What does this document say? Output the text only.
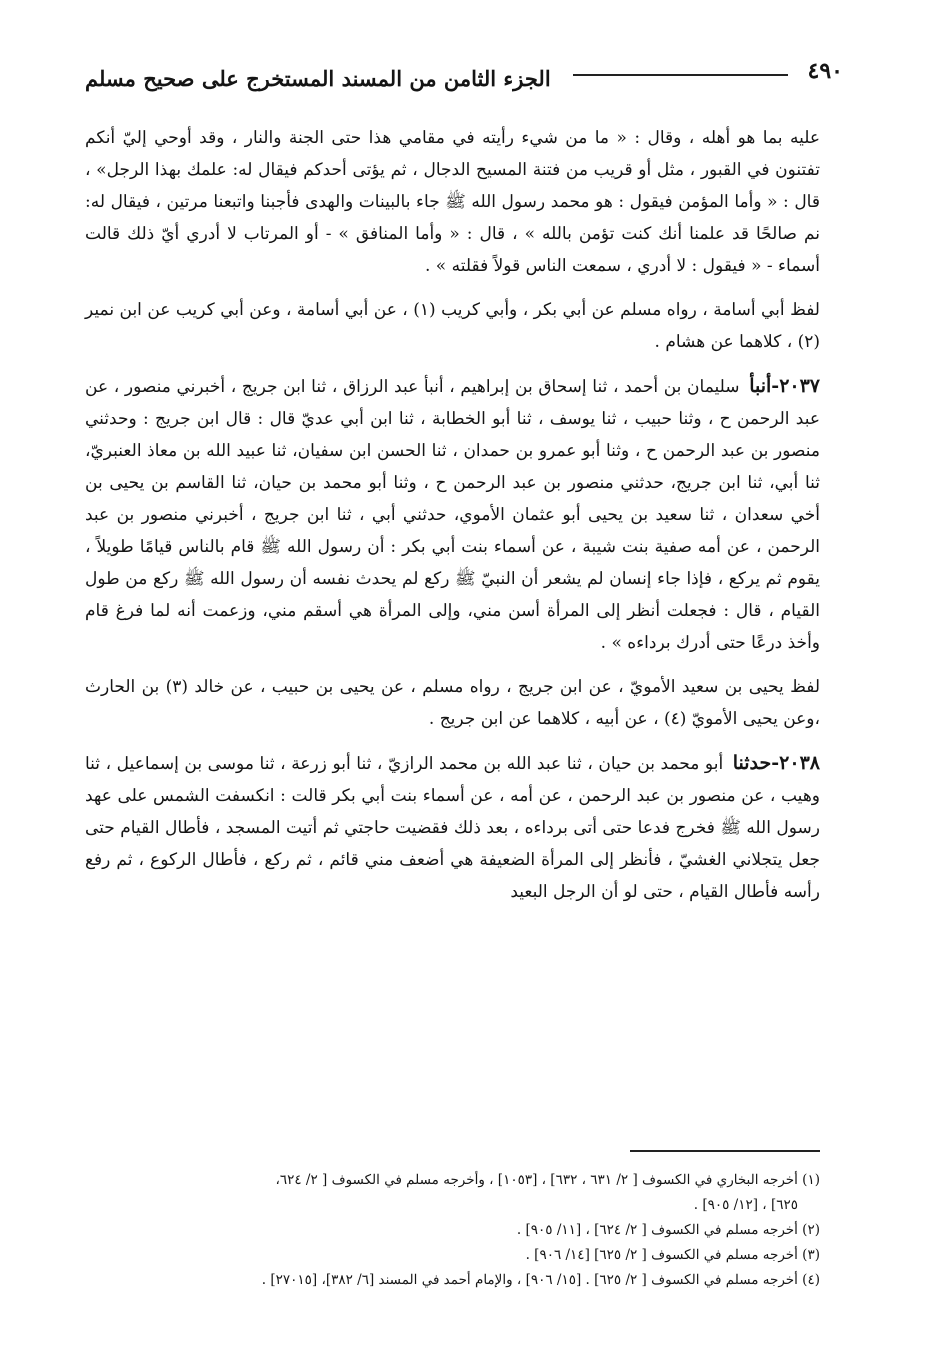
٤٩٠
الجزء الثامن من المسند المستخرج على صحيح مسلم

عليه بما هو أهله ، وقال : « ما من شيء رأيته في مقامي هذا حتى الجنة والنار ، وقد أوحي إليّ أنكم تفتنون في القبور ، مثل أو قريب من فتنة المسيح الدجال ، ثم يؤتى أحدكم فيقال له: علمك بهذا الرجل» ، قال : « وأما المؤمن فيقول : هو محمد رسول الله ﷺ جاء بالبينات والهدى فأجبنا واتبعنا مرتين ، فيقال له: نم صالحًا قد علمنا أنك كنت تؤمن بالله » ، قال : « وأما المنافق » - أو المرتاب لا أدري أيّ ذلك قالت أسماء - « فيقول : لا أدري ، سمعت الناس قولاً فقلته » .

لفظ أبي أسامة ، رواه مسلم عن أبي بكر ، وأبي كريب (١) ، عن أبي أسامة ، وعن أبي كريب عن ابن نمير (٢) ، كلاهما عن هشام .

٢٠٣٧-أنبأ سليمان بن أحمد ، ثنا إسحاق بن إبراهيم ، أنبأ عبد الرزاق ، ثنا ابن جريج ، أخبرني منصور ، عن عبد الرحمن ح ، وثنا حبيب ، ثنا يوسف ، ثنا أبو الخطابة ، ثنا ابن أبي عديّ قال : قال ابن جريج : وحدثني منصور بن عبد الرحمن ح ، وثنا أبو عمرو بن حمدان ، ثنا الحسن ابن سفيان، ثنا عبيد الله بن معاذ العنبريّ، ثنا أبي، ثنا ابن جريج، حدثني منصور بن عبد الرحمن ح ، وثنا أبو محمد بن حيان، ثنا القاسم بن يحيى بن أخي سعدان ، ثنا سعيد بن يحيى أبو عثمان الأموي، حدثني أبي ، ثنا ابن جريج ، أخبرني منصور بن عبد الرحمن ، عن أمه صفية بنت شيبة ، عن أسماء بنت أبي بكر : أن رسول الله ﷺ قام بالناس قيامًا طويلاً ، يقوم ثم يركع ، فإذا جاء إنسان لم يشعر أن النبيّ ﷺ ركع لم يحدث نفسه أن رسول الله ﷺ ركع من طول القيام ، قال : فجعلت أنظر إلى المرأة أسن مني، وإلى المرأة هي أسقم مني، وزعمت أنه لما فرغ قام وأخذ درعًا حتى أدرك برداءه » .

لفظ يحيى بن سعيد الأمويّ ، عن ابن جريج ، رواه مسلم ، عن يحيى بن حبيب ، عن خالد (٣) بن الحارث ،وعن يحيى الأمويّ (٤) ، عن أبيه ، كلاهما عن ابن جريج .

٢٠٣٨-حدثنا أبو محمد بن حيان ، ثنا عبد الله بن محمد الرازيّ ، ثنا أبو زرعة ، ثنا موسى بن إسماعيل ، ثنا وهيب ، عن منصور بن عبد الرحمن ، عن أمه ، عن أسماء بنت أبي بكر قالت : انكسفت الشمس على عهد رسول الله ﷺ فخرج فدعا حتى أتى برداءه ، بعد ذلك فقضيت حاجتي ثم أتيت المسجد ، فأطال القيام حتى جعل يتجلاني الغشيّ ، فأنظر إلى المرأة الضعيفة هي أضعف مني قائم ، ثم ركع ، فأطال الركوع ، ثم رفع رأسه فأطال القيام ، حتى لو أن الرجل البعيد

(١) أخرجه البخاري في الكسوف [ ٢/ ٦٣١ ، ٦٣٢] ، [١٠٥٣] ، وأخرجه مسلم في الكسوف [ ٢/ ٦٢٤،

٦٢٥] ، [١٢/ ٩٠٥] .

(٢) أخرجه مسلم في الكسوف [ ٢/ ٦٢٤] ، [١١/ ٩٠٥] .

(٣) أخرجه مسلم في الكسوف [ ٢/ ٦٢٥] [١٤/ ٩٠٦] .

(٤) أخرجه مسلم في الكسوف [ ٢/ ٦٢٥] . [١٥/ ٩٠٦] ، والإمام أحمد في المسند [٦/ ٣٨٢]، [٢٧٠١٥] .
